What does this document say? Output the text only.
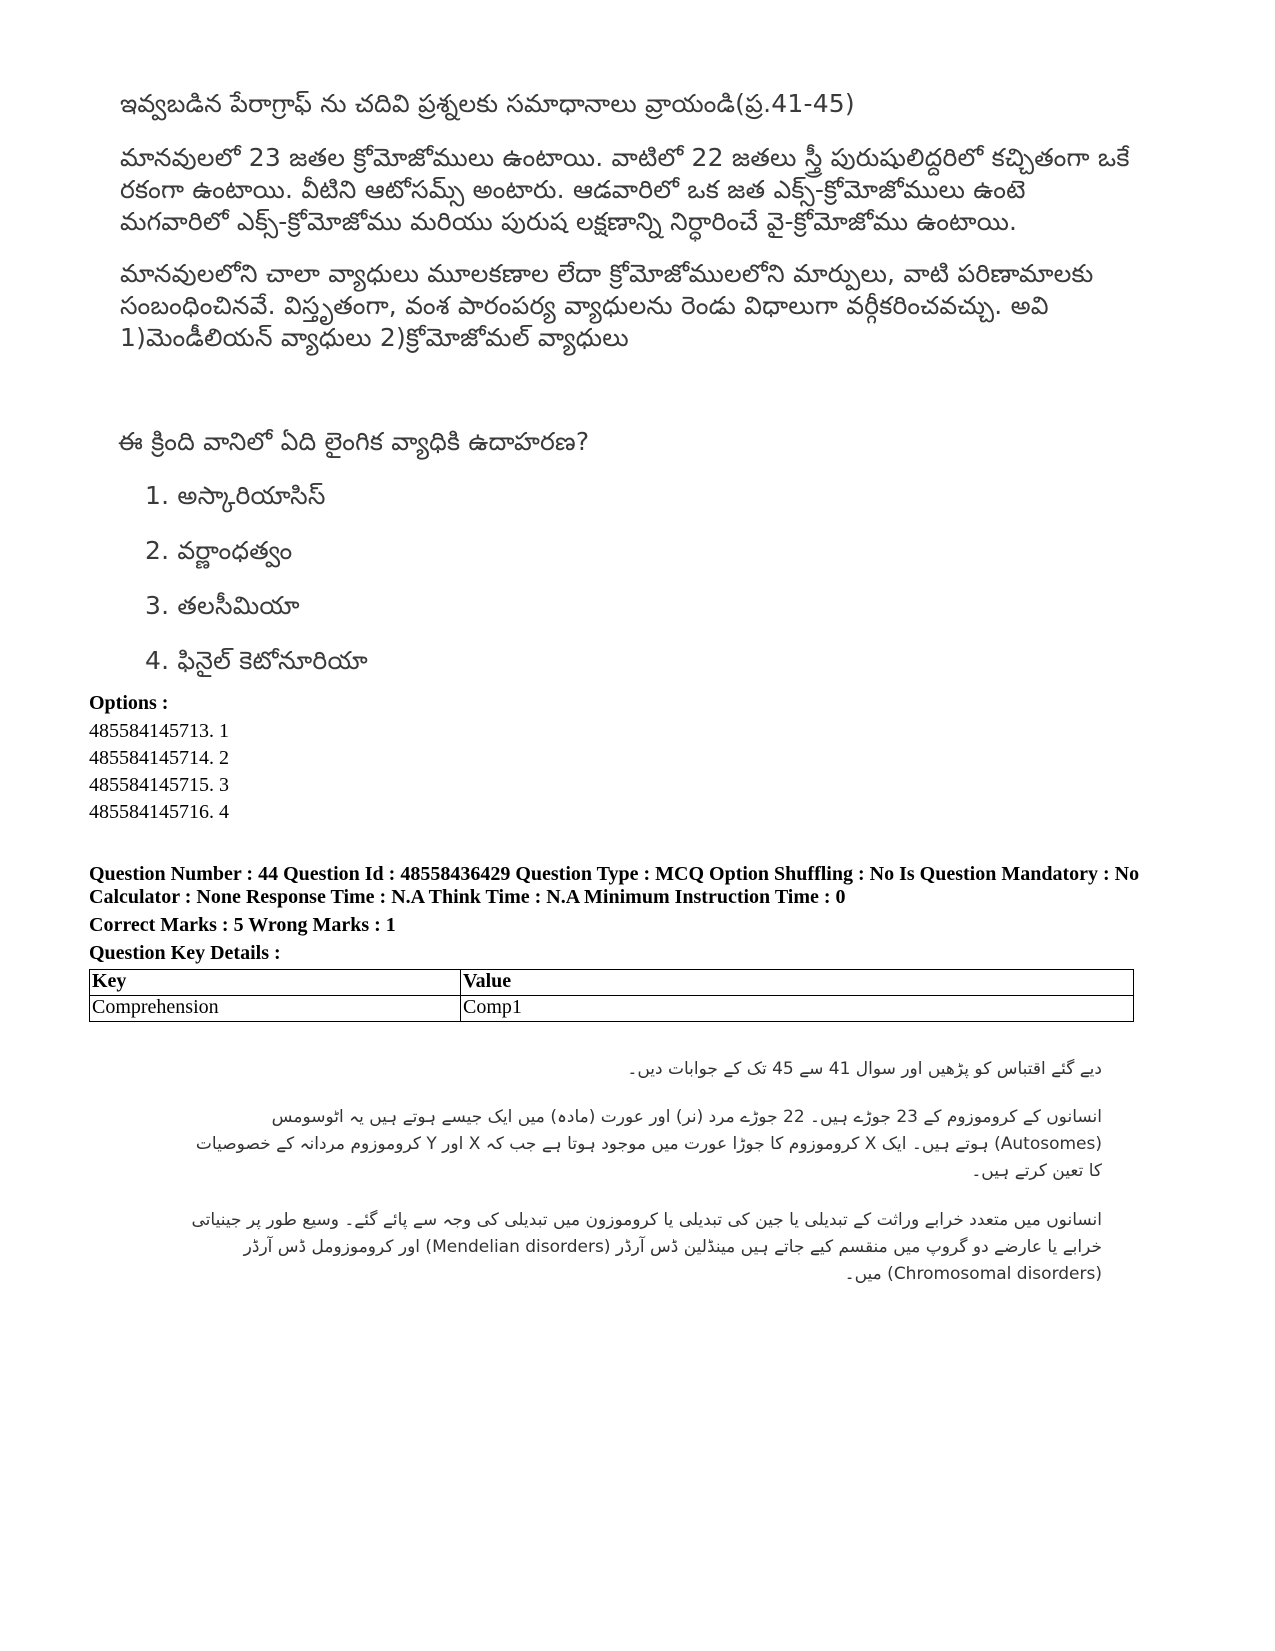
ఇవ్వబడిన పేరాగ్రాఫ్ ను చదివి ప్రశ్నలకు సమాధానాలు వ్రాయండి(ప్ర.41-45)
మానవులలో 23 జతల క్రోమోజోములు ఉంటాయి. వాటిలో 22 జతలు స్త్రీ పురుషులిద్దరిలో కచ్చితంగా ఒకే
రకంగా ఉంటాయి. వీటిని ఆటోసమ్స్ అంటారు. ఆడవారిలో ఒక జత ఎక్స్-క్రోమోజోములు ఉంటె
మగవారిలో ఎక్స్-క్రోమోజోము మరియు పురుష లక్షణాన్ని నిర్ధారించే వై-క్రోమోజోము ఉంటాయి.
మానవులలోని చాలా వ్యాధులు మూలకణాల లేదా క్రోమోజోములలోని మార్పులు, వాటి పరిణామాలకు
సంబంధించినవే. విస్తృతంగా, వంశ పారంపర్య వ్యాధులను రెండు విధాలుగా వర్గీకరించవచ్చు. అవి
1)మెండీలియన్ వ్యాధులు 2)క్రోమోజోమల్ వ్యాధులు
ఈ క్రింది వానిలో ఏది లైంగిక వ్యాధికి ఉదాహరణ?
1. అస్కారియాసిస్
2. వర్ణాంధత్వం
3. తలసీమియా
4. ఫినైల్ కెటోనూరియా
Options :
485584145713. 1
485584145714. 2
485584145715. 3
485584145716. 4
Question Number : 44 Question Id : 48558436429 Question Type : MCQ Option Shuffling : No Is Question Mandatory : No Calculator : None Response Time : N.A Think Time : N.A Minimum Instruction Time : 0
Correct Marks : 5 Wrong Marks : 1
Question Key Details :
Key	Value
Comprehension	Comp1
دیے گئے اقتباس کو پڑھیں اور سوال 41 سے 45 تک کے جوابات دیں۔
انسانوں کے کروموزوم کے 23 جوڑے ہیں۔ 22 جوڑے مرد (نر) اور عورت (مادہ) میں ایک جیسے ہوتے ہیں یہ اٹوسومس
(Autosomes) ہوتے ہیں۔ ایک X کروموزوم کا جوڑا عورت میں موجود ہوتا ہے جب کہ X اور Y کروموزوم مردانہ کے خصوصیات
کا تعین کرتے ہیں۔
انسانوں میں متعدد خرابے وراثت کے تبدیلی یا جین کی تبدیلی یا کروموزون میں تبدیلی کی وجہ سے پائے گئے۔ وسیع طور پر جینیاتی
خرابے یا عارضے دو گروپ میں منقسم کیے جاتے ہیں مینڈلین ڈس آرڈر (Mendelian disorders) اور کروموزومل ڈس آرڈر
(Chromosomal disorders) میں۔
